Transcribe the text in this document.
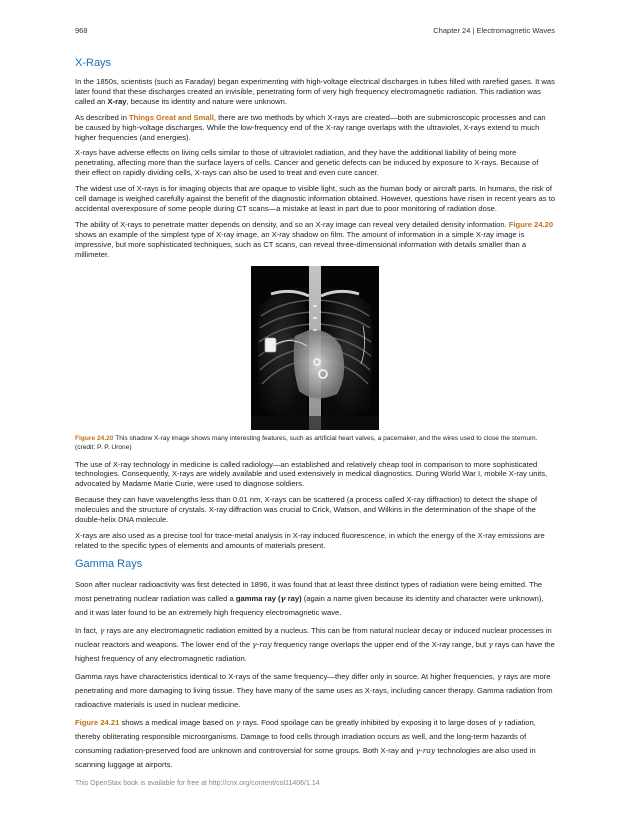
968	Chapter 24 | Electromagnetic Waves
X-Rays

In the 1850s, scientists (such as Faraday) began experimenting with high-voltage electrical discharges in tubes filled with rarefied gases. It was later found that these discharges created an invisible, penetrating form of very high frequency electromagnetic radiation. This radiation was called an X-ray, because its identity and nature were unknown.

As described in Things Great and Small, there are two methods by which X-rays are created—both are submicroscopic processes and can be caused by high-voltage discharges. While the low-frequency end of the X-ray range overlaps with the ultraviolet, X-rays extend to much higher frequencies (and energies).

X-rays have adverse effects on living cells similar to those of ultraviolet radiation, and they have the additional liability of being more penetrating, affecting more than the surface layers of cells. Cancer and genetic defects can be induced by exposure to X-rays. Because of their effect on rapidly dividing cells, X-rays can also be used to treat and even cure cancer.

The widest use of X-rays is for imaging objects that are opaque to visible light, such as the human body or aircraft parts. In humans, the risk of cell damage is weighed carefully against the benefit of the diagnostic information obtained. However, questions have risen in recent years as to accidental overexposure of some people during CT scans—a mistake at least in part due to poor monitoring of radiation dose.

The ability of X-rays to penetrate matter depends on density, and so an X-ray image can reveal very detailed density information. Figure 24.20 shows an example of the simplest type of X-ray image, an X-ray shadow on film. The amount of information in a simple X-ray image is impressive, but more sophisticated techniques, such as CT scans, can reveal three-dimensional information with details smaller than a millimeter.

Figure 24.20 This shadow X-ray image shows many interesting features, such as artificial heart valves, a pacemaker, and the wires used to close the sternum. (credit: P. P. Urone)

The use of X-ray technology in medicine is called radiology—an established and relatively cheap tool in comparison to more sophisticated technologies. Consequently, X-rays are widely available and used extensively in medical diagnostics. During World War I, mobile X-ray units, advocated by Madame Marie Curie, were used to diagnose soldiers.

Because they can have wavelengths less than 0.01 nm, X-rays can be scattered (a process called X-ray diffraction) to detect the shape of molecules and the structure of crystals. X-ray diffraction was crucial to Crick, Watson, and Wilkins in the determination of the shape of the double-helix DNA molecule.

X-rays are also used as a precise tool for trace-metal analysis in X-ray induced fluorescence, in which the energy of the X-ray emissions are related to the specific types of elements and amounts of materials present.

Gamma Rays

Soon after nuclear radioactivity was first detected in 1896, it was found that at least three distinct types of radiation were being emitted. The most penetrating nuclear radiation was called a gamma ray (γ ray) (again a name given because its identity and character were unknown), and it was later found to be an extremely high frequency electromagnetic wave.

In fact, γ rays are any electromagnetic radiation emitted by a nucleus. This can be from natural nuclear decay or induced nuclear processes in nuclear reactors and weapons. The lower end of the γ-ray frequency range overlaps the upper end of the X-ray range, but γ rays can have the highest frequency of any electromagnetic radiation.

Gamma rays have characteristics identical to X-rays of the same frequency—they differ only in source. At higher frequencies, γ rays are more penetrating and more damaging to living tissue. They have many of the same uses as X-rays, including cancer therapy. Gamma radiation from radioactive materials is used in nuclear medicine.

Figure 24.21 shows a medical image based on γ rays. Food spoilage can be greatly inhibited by exposing it to large doses of γ radiation, thereby obliterating responsible microorganisms. Damage to food cells through irradiation occurs as well, and the long-term hazards of consuming radiation-preserved food are unknown and controversial for some groups. Both X-ray and γ-ray technologies are also used in scanning luggage at airports.

This OpenStax book is available for free at http://cnx.org/content/col11406/1.14
